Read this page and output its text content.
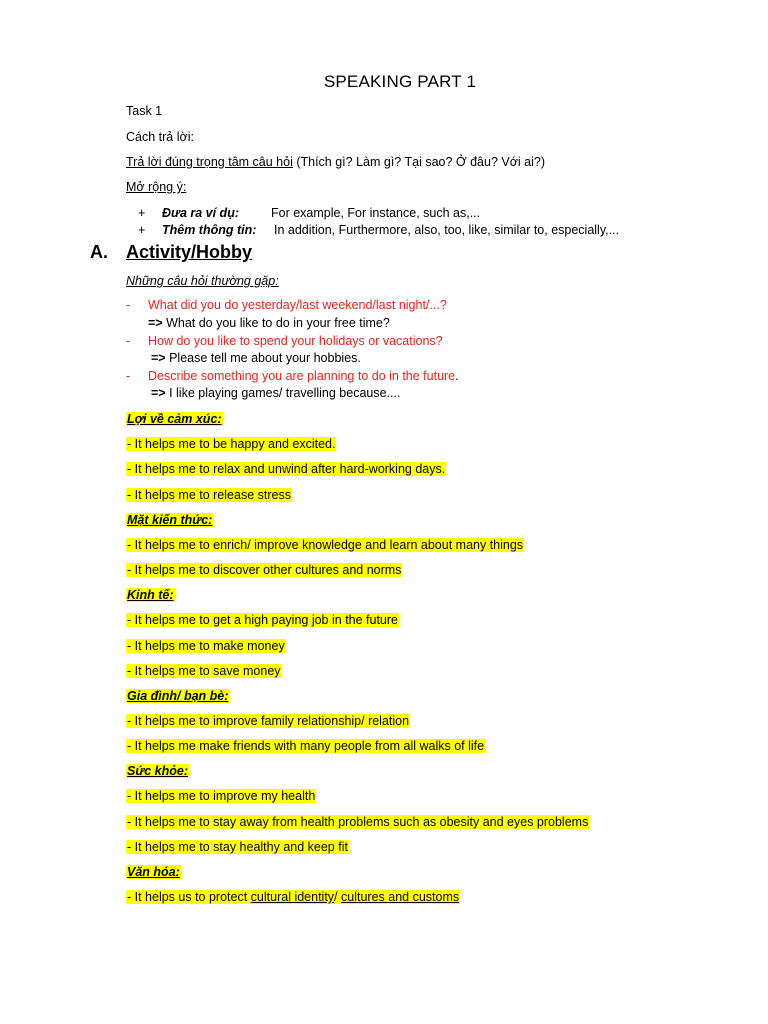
SPEAKING PART 1
Task 1
Cách trả lời:
Trả lời đúng trọng tâm câu hỏi (Thích gì? Làm gì? Tại sao? Ở đâu? Với ai?)
Mở rộng ý:
+ Đưa ra ví dụ:	For example, For instance, such as,...
+ Thêm thông tin: In addition, Furthermore, also, too, like, similar to, especially,...
A. Activity/Hobby
Những câu hỏi thường gặp:
- What did you do yesterday/last weekend/last night/...?
=> What do you like to do in your free time?
- How do you like to spend your holidays or vacations?
=> Please tell me about your hobbies.
- Describe something you are planning to do in the future.
=> I like playing games/ travelling because....
Lợi về cảm xúc:
- It helps me to be happy and excited.
- It helps me to relax and unwind after hard-working days.
- It helps me to release stress
Mặt kiến thức:
- It helps me to enrich/ improve knowledge and learn about many things
- It helps me to discover other cultures and norms
Kinh tế:
- It helps me to get a high paying job in the future
- It helps me to make money
- It helps me to save money
Gia đình/ bạn bè:
- It helps me to improve family relationship/ relation
- It helps me make friends with many people from all walks of life
Sức khỏe:
- It helps me to improve my health
- It helps me to stay away from health problems such as obesity and eyes problems
- It helps me to stay healthy and keep fit
Văn hóa:
- It helps us to protect cultural identity/ cultures and customs
